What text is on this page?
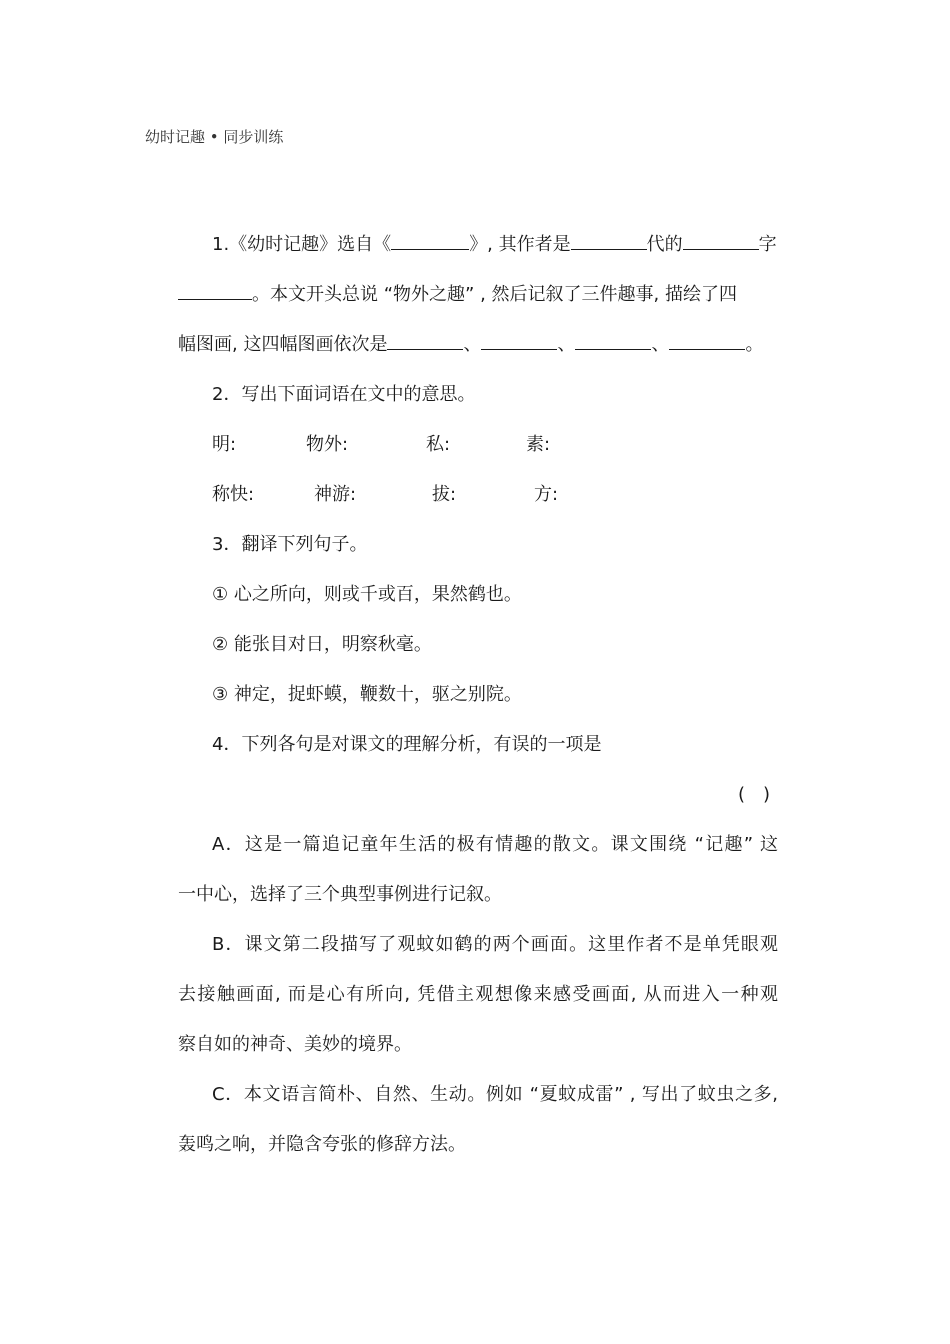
幼时记趣 • 同步训练
1.《幼时记趣》选自《	》, 其作者是	代的	字
。本文开头总说 “物外之趣” , 然后记叙了三件趣事, 描绘了四
幅图画, 这四幅图画依次是	、	、	、	。
2．写出下面词语在文中的意思。
明:	物外:	私:	素:
称快:	神游:	拔:	方:
3．翻译下列句子。
① 心之所向，则或千或百，果然鹤也。
② 能张目对日，明察秋毫。
③ 神定，捉虾蟆，鞭数十，驱之别院。
4．下列各句是对课文的理解分析，有误的一项是
(　)
A．这是一篇追记童年生活的极有情趣的散文。课文围绕 “记趣” 这
一中心，选择了三个典型事例进行记叙。
B．课文第二段描写了观蚊如鹤的两个画面。这里作者不是单凭眼观
去接触画面, 而是心有所向, 凭借主观想像来感受画面, 从而进入一种观
察自如的神奇、美妙的境界。
C．本文语言简朴、自然、生动。例如 “夏蚊成雷” , 写出了蚊虫之多,
轰鸣之响，并隐含夸张的修辞方法。
